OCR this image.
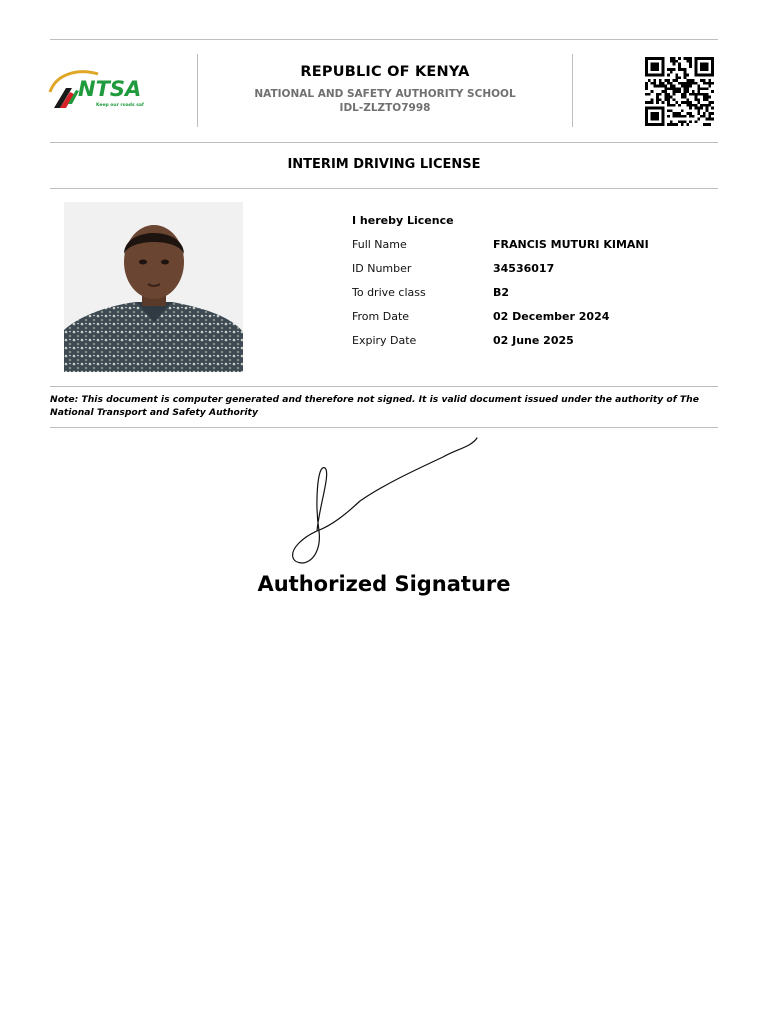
NTSA
Keep our roads safe
REPUBLIC OF KENYA
NATIONAL AND SAFETY AUTHORITY SCHOOL
IDL-ZLZTO7998
INTERIM DRIVING LICENSE
I hereby Licence
Full Name	FRANCIS MUTURI KIMANI
ID Number	34536017
To drive class	B2
From Date	02 December 2024
Expiry Date	02 June 2025
Note: This document is computer generated and therefore not signed. It is valid document issued under the authority of The National Transport and Safety Authority
Authorized Signature
